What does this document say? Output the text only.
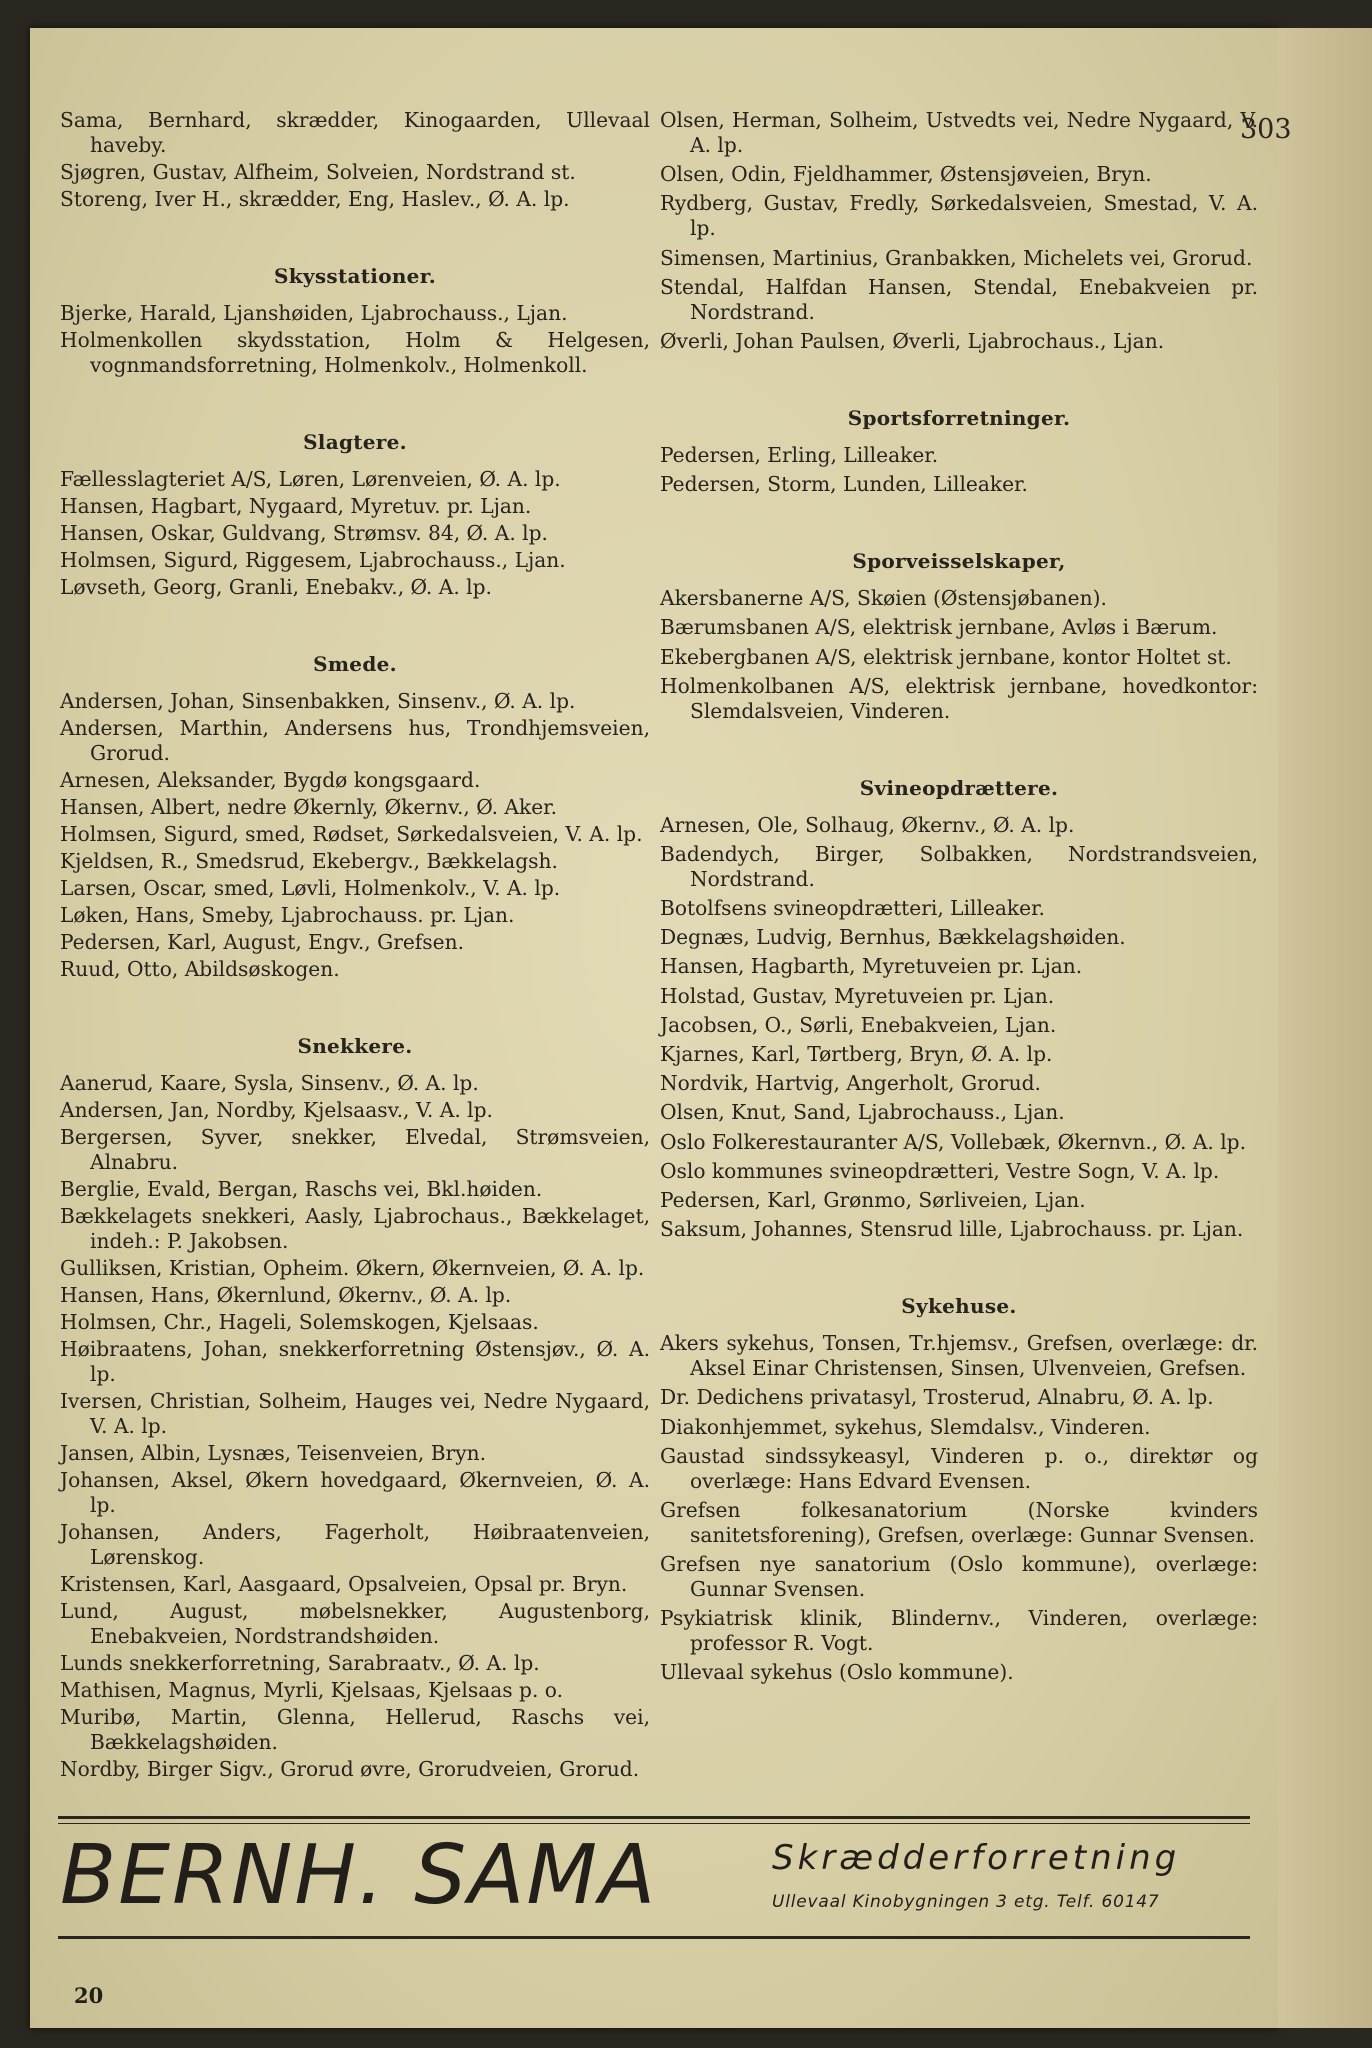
Sama, Bernhard, skrædder, Kinogaarden, Ullevaal haveby.

Sjøgren, Gustav, Alfheim, Solveien, Nordstrand st.

Storeng, Iver H., skrædder, Eng, Haslev., Ø. A. lp.

Skysstationer.

Bjerke, Harald, Ljanshøiden, Ljabrochauss., Ljan.

Holmenkollen skydsstation, Holm & Helgesen, vognmandsforretning, Holmenkolv., Holmenkoll.

Slagtere.

Fællesslagteriet A/S, Løren, Lørenveien, Ø. A. lp.

Hansen, Hagbart, Nygaard, Myretuv. pr. Ljan.

Hansen, Oskar, Guldvang, Strømsv. 84, Ø. A. lp.

Holmsen, Sigurd, Riggesem, Ljabrochauss., Ljan.

Løvseth, Georg, Granli, Enebakv., Ø. A. lp.

Smede.

Andersen, Johan, Sinsenbakken, Sinsenv., Ø. A. lp.

Andersen, Marthin, Andersens hus, Trondhjemsveien, Grorud.

Arnesen, Aleksander, Bygdø kongsgaard.

Hansen, Albert, nedre Økernly, Økernv., Ø. Aker.

Holmsen, Sigurd, smed, Rødset, Sørkedalsveien, V. A. lp.

Kjeldsen, R., Smedsrud, Ekebergv., Bækkelagsh.

Larsen, Oscar, smed, Løvli, Holmenkolv., V. A. lp.

Løken, Hans, Smeby, Ljabrochauss. pr. Ljan.

Pedersen, Karl, August, Engv., Grefsen.

Ruud, Otto, Abildsøskogen.

Snekkere.

Aanerud, Kaare, Sysla, Sinsenv., Ø. A. lp.

Andersen, Jan, Nordby, Kjelsaasv., V. A. lp.

Bergersen, Syver, snekker, Elvedal, Strømsveien, Alnabru.

Berglie, Evald, Bergan, Raschs vei, Bkl.høiden.

Bækkelagets snekkeri, Aasly, Ljabrochaus., Bækkelaget, indeh.: P. Jakobsen.

Gulliksen, Kristian, Opheim. Økern, Økernveien, Ø. A. lp.

Hansen, Hans, Økernlund, Økernv., Ø. A. lp.

Holmsen, Chr., Hageli, Solemskogen, Kjelsaas.

Høibraatens, Johan, snekkerforretning Østensjøv., Ø. A. lp.

Iversen, Christian, Solheim, Hauges vei, Nedre Nygaard, V. A. lp.

Jansen, Albin, Lysnæs, Teisenveien, Bryn.

Johansen, Aksel, Økern hovedgaard, Økernveien, Ø. A. lp.

Johansen, Anders, Fagerholt, Høibraatenveien, Lørenskog.

Kristensen, Karl, Aasgaard, Opsalveien, Opsal pr. Bryn.

Lund, August, møbelsnekker, Augustenborg, Enebakveien, Nordstrandshøiden.

Lunds snekkerforretning, Sarabraatv., Ø. A. lp.

Mathisen, Magnus, Myrli, Kjelsaas, Kjelsaas p. o.

Muribø, Martin, Glenna, Hellerud, Raschs vei, Bækkelagshøiden.

Nordby, Birger Sigv., Grorud øvre, Grorudveien, Grorud.

Olsen, Herman, Solheim, Ustvedts vei, Nedre Nygaard, V. A. lp.

Olsen, Odin, Fjeldhammer, Østensjøveien, Bryn.

Rydberg, Gustav, Fredly, Sørkedalsveien, Smestad, V. A. lp.

Simensen, Martinius, Granbakken, Michelets vei, Grorud.

Stendal, Halfdan Hansen, Stendal, Enebakveien pr. Nordstrand.

Øverli, Johan Paulsen, Øverli, Ljabrochaus., Ljan.

Sportsforretninger.

Pedersen, Erling, Lilleaker.

Pedersen, Storm, Lunden, Lilleaker.

Sporveisselskaper,

Akersbanerne A/S, Skøien (Østensjøbanen).

Bærumsbanen A/S, elektrisk jernbane, Avløs i Bærum.

Ekebergbanen A/S, elektrisk jernbane, kontor Holtet st.

Holmenkolbanen A/S, elektrisk jernbane, hovedkontor: Slemdalsveien, Vinderen.

Svineopdrættere.

Arnesen, Ole, Solhaug, Økernv., Ø. A. lp.

Badendych, Birger, Solbakken, Nordstrandsveien, Nordstrand.

Botolfsens svineopdrætteri, Lilleaker.

Degnæs, Ludvig, Bernhus, Bækkelagshøiden.

Hansen, Hagbarth, Myretuveien pr. Ljan.

Holstad, Gustav, Myretuveien pr. Ljan.

Jacobsen, O., Sørli, Enebakveien, Ljan.

Kjarnes, Karl, Tørtberg, Bryn, Ø. A. lp.

Nordvik, Hartvig, Angerholt, Grorud.

Olsen, Knut, Sand, Ljabrochauss., Ljan.

Oslo Folkerestauranter A/S, Vollebæk, Økernvn., Ø. A. lp.

Oslo kommunes svineopdrætteri, Vestre Sogn, V. A. lp.

Pedersen, Karl, Grønmo, Sørliveien, Ljan.

Saksum, Johannes, Stensrud lille, Ljabrochauss. pr. Ljan.

Sykehuse.

Akers sykehus, Tonsen, Tr.hjemsv., Grefsen, overlæge: dr. Aksel Einar Christensen, Sinsen, Ulvenveien, Grefsen.

Dr. Dedichens privatasyl, Trosterud, Alnabru, Ø. A. lp.

Diakonhjemmet, sykehus, Slemdalsv., Vinderen.

Gaustad sindssykeasyl, Vinderen p. o., direktør og overlæge: Hans Edvard Evensen.

Grefsen folkesanatorium (Norske kvinders sanitetsforening), Grefsen, overlæge: Gunnar Svensen.

Grefsen nye sanatorium (Oslo kommune), overlæge: Gunnar Svensen.

Psykiatrisk klinik, Blindernv., Vinderen, overlæge: professor R. Vogt.

Ullevaal sykehus (Oslo kommune).

BERNH. SAMA	Skrædderforretning
Ullevaal Kinobygningen 3 etg. Telf. 60147
20
303
